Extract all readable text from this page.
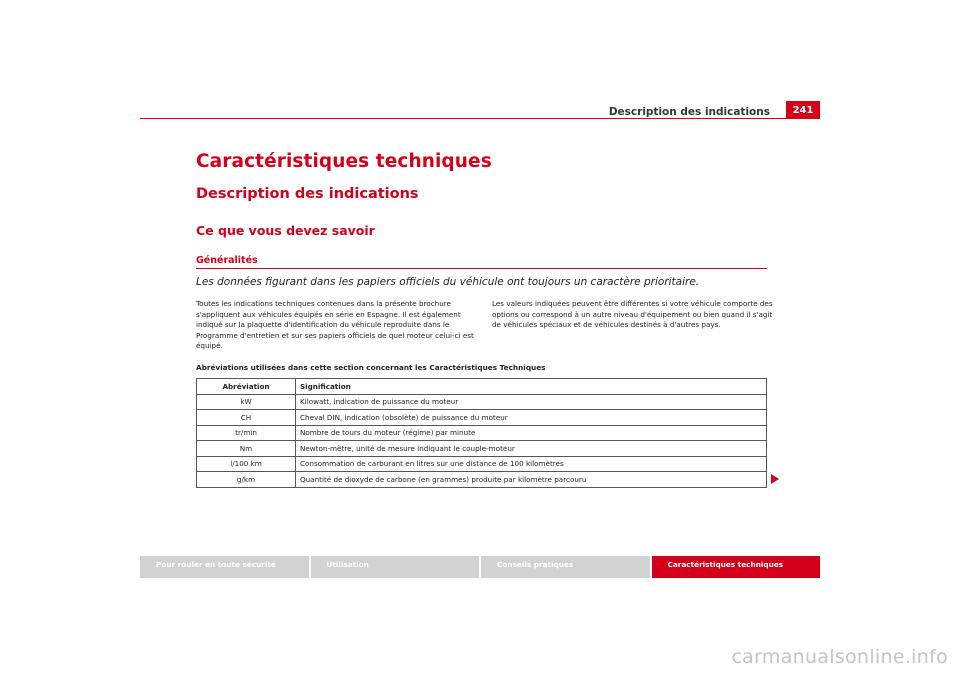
Description des indications	241
Caractéristiques techniques
Description des indications
Ce que vous devez savoir
Généralités
Les données figurant dans les papiers officiels du véhicule ont toujours un caractère prioritaire.

Toutes les indications techniques contenues dans la présente brochure s'appliquent aux véhicules équipés en série en Espagne. Il est également indiqué sur la plaquette d'identification du véhicule reproduite dans le Programme d'entretien et sur ses papiers officiels de quel moteur celui-ci est équipé.

Les valeurs indiquées peuvent être différentes si votre véhicule comporte des options ou correspond à un autre niveau d'équipement ou bien quand il s'agit de véhicules spéciaux et de véhicules destinés à d'autres pays.

Abréviations utilisées dans cette section concernant les Caractéristiques Techniques
Abréviation	Signification
kW	Kilowatt, indication de puissance du moteur
CH	Cheval DIN, indication (obsolète) de puissance du moteur
tr/min	Nombre de tours du moteur (régime) par minute
Nm	Newton-mètre, unité de mesure indiquant le couple-moteur
l/100 km	Consommation de carburant en litres sur une distance de 100 kilomètres
g/km	Quantité de dioxyde de carbone (en grammes) produite par kilomètre parcouru
Pour rouler en toute sécurité	Utilisation	Conseils pratiques	Caractéristiques techniques
carmanualsonline.info
